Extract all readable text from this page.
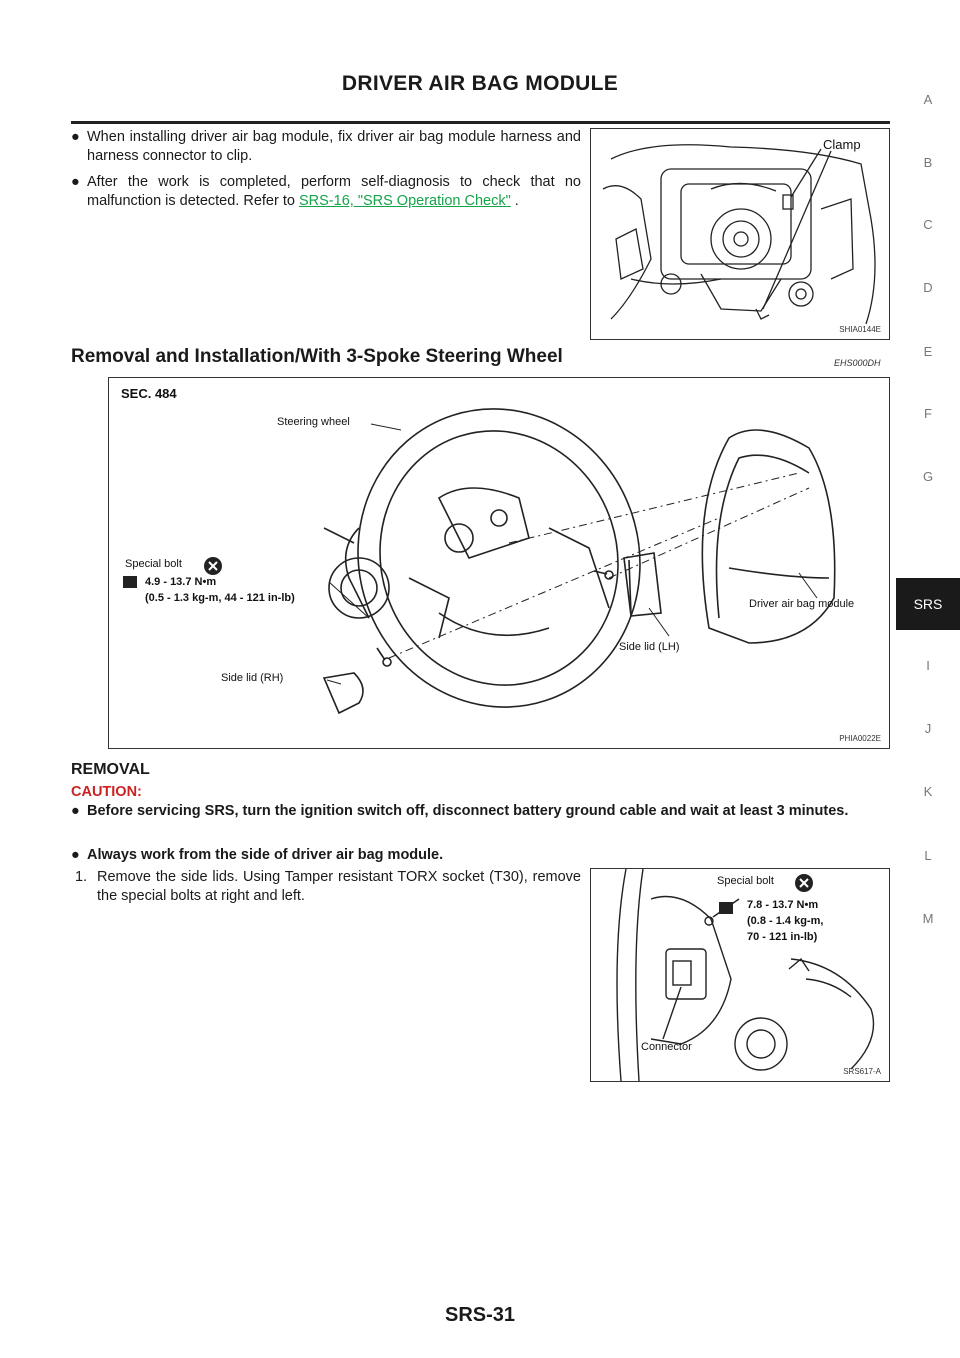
DRIVER AIR BAG MODULE
● When installing driver air bag module, fix driver air bag module harness and harness connector to clip.
● After the work is completed, perform self-diagnosis to check that no malfunction is detected. Refer to SRS-16, "SRS Operation Check" .
Clamp
SHIA0144E
Removal and Installation/With 3-Spoke Steering Wheel	EHS000DH
SEC. 484
Steering wheel
Special bolt
4.9 - 13.7 N•m
(0.5 - 1.3 kg-m, 44 - 121 in-lb)	Driver air bag module
Side lid (LH)
Side lid (RH)
PHIA0022E
REMOVAL
CAUTION:
● Before servicing SRS, turn the ignition switch off, disconnect battery ground cable and wait at least 3 minutes.
● Always work from the side of driver air bag module.
1. Remove the side lids. Using Tamper resistant TORX socket (T30), remove the special bolts at right and left.
Special bolt
7.8 - 13.7 N•m
(0.8 - 1.4 kg-m,
70 - 121 in-lb)
Connector
SRS617-A
A
B
C
D
E
F
G
I
J
K
L
M
SRS
SRS-31
